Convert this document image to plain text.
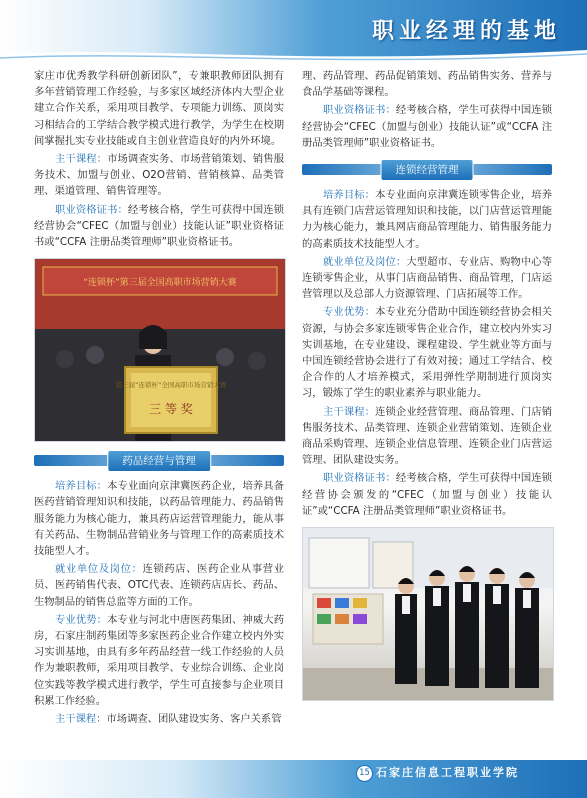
职业经理的基地

家庄市优秀教学科研创新团队”，专兼职教师团队拥有多年营销管理工作经验，与多家区域经济体内大型企业建立合作关系，采用项目教学、专项能力训练、顶岗实习相结合的工学结合教学模式进行教学，为学生在校期间掌握扎实专业技能或自主创业营造良好的内外环境。

主干课程：市场调查实务、市场营销策划、销售服务技术、加盟与创业、O2O营销、营销核算、品类管理、渠道管理、销售管理等。

职业资格证书：经考核合格，学生可获得中国连锁经营协会“CFEC（加盟与创业）技能认证”职业资格证书或“CCFA 注册品类管理师”职业资格证书。

“连锁杯”第三届全国高职市场营销大赛
第三届“连锁杯”全国高职市场营销大赛
三 等 奖
药品经营与管理

培养目标：本专业面向京津冀医药企业，培养具备医药营销管理知识和技能，以药品管理能力、药品销售服务能力为核心能力，兼具药店运营管理能力，能从事有关药品、生物制品营销业务与管理工作的高素质技术技能型人才。

就业单位及岗位：连锁药店、医药企业从事营业员、医药销售代表、OTC代表、连锁药店店长、药品、生物制品的销售总监等方面的工作。

专业优势：本专业与河北中唐医药集团、神威大药房，石家庄制药集团等多家医药企业合作建立校内外实习实训基地，由具有多年药品经营一线工作经验的人员作为兼职教师，采用项目教学、专业综合训练、企业岗位实践等教学模式进行教学，学生可直接参与企业项目积累工作经验。

主干课程：市场调查、团队建设实务、客户关系管

理、药品管理、药品促销策划、药品销售实务、营养与食品学基础等课程。

职业资格证书：经考核合格，学生可获得中国连锁经营协会“CFEC（加盟与创业）技能认证”或“CCFA 注册品类管理师”职业资格证书。

连锁经营管理

培养目标：本专业面向京津冀连锁零售企业，培养具有连锁门店营运管理知识和技能，以门店营运管理能力为核心能力，兼具网店商品管理能力、销售服务能力的高素质技术技能型人才。

就业单位及岗位：大型超市、专业店、购物中心等连锁零售企业，从事门店商品销售、商品管理，门店运营管理以及总部人力资源管理、门店拓展等工作。

专业优势：本专业充分借助中国连锁经营协会相关资源，与协会多家连锁零售企业合作，建立校内外实习实训基地，在专业建设、课程建设、学生就业等方面与中国连锁经营协会进行了有效对接；通过工学结合、校企合作的人才培养模式，采用弹性学期制进行顶岗实习，锻炼了学生的职业素养与职业能力。

主干课程：连锁企业经营管理、商品管理、门店销售服务技术、品类管理、连锁企业营销策划、连锁企业商品采购管理、连锁企业信息管理、连锁企业门店营运管理、团队建设实务。

职业资格证书：经考核合格，学生可获得中国连锁经营协会颁发的“CFEC（加盟与创业）技能认证”或“CCFA 注册品类管理师”职业资格证书。

15 石家庄信息工程职业学院
